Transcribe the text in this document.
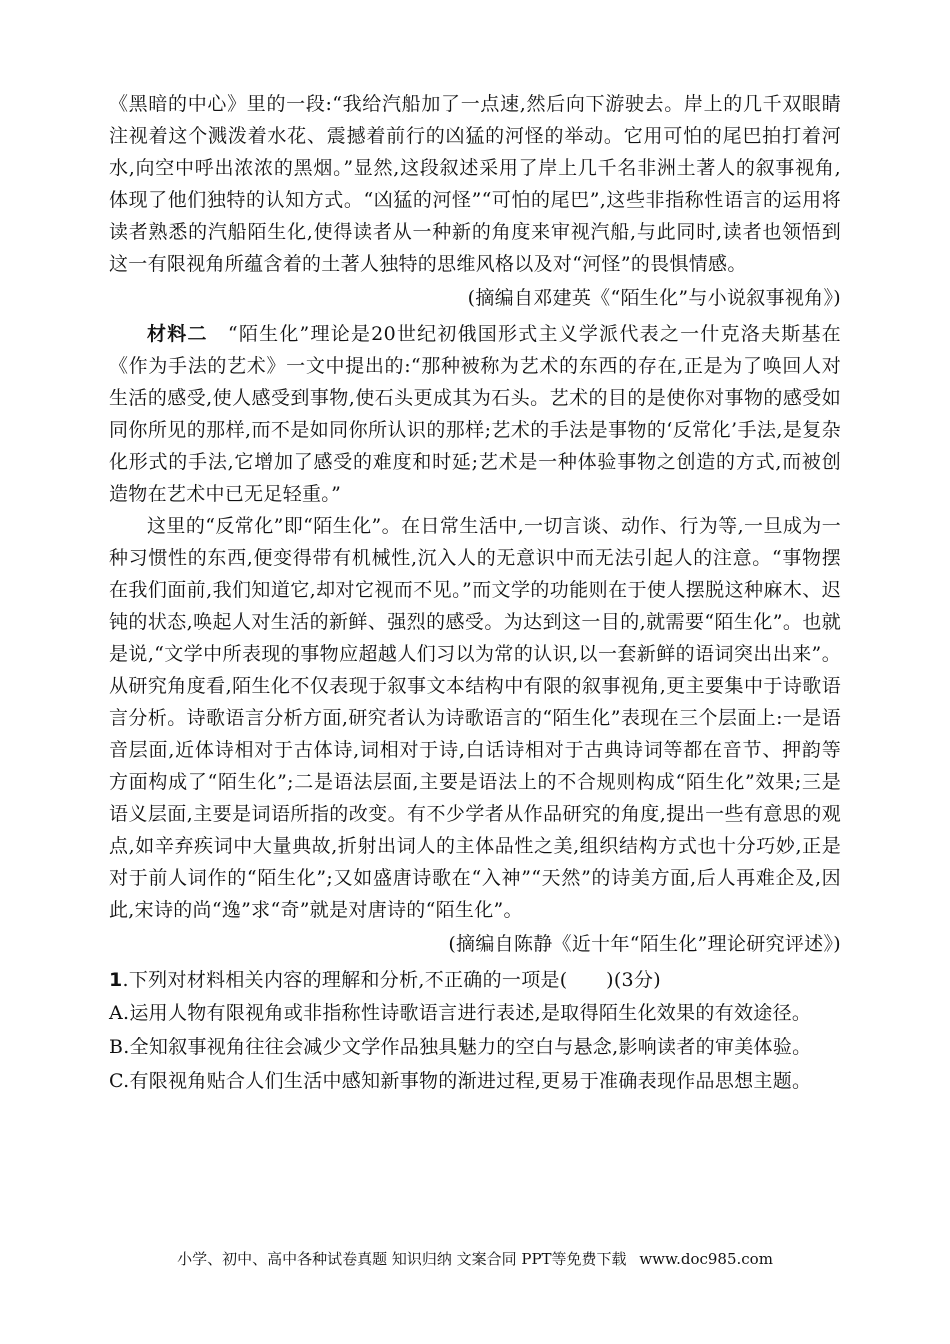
《黑暗的中心》里的一段:“我给汽船加了一点速,然后向下游驶去。岸上的几千双眼睛注视着这个溅泼着水花、震撼着前行的凶猛的河怪的举动。它用可怕的尾巴拍打着河水,向空中呼出浓浓的黑烟。”显然,这段叙述采用了岸上几千名非洲土著人的叙事视角,体现了他们独特的认知方式。“凶猛的河怪”“可怕的尾巴”,这些非指称性语言的运用将读者熟悉的汽船陌生化,使得读者从一种新的角度来审视汽船,与此同时,读者也领悟到这一有限视角所蕴含着的土著人独特的思维风格以及对“河怪”的畏惧情感。

(摘编自邓建英《“陌生化”与小说叙事视角》)

材料二　 “陌生化”理论是20世纪初俄国形式主义学派代表之一什克洛夫斯基在《作为手法的艺术》一文中提出的:“那种被称为艺术的东西的存在,正是为了唤回人对生活的感受,使人感受到事物,使石头更成其为石头。艺术的目的是使你对事物的感受如同你所见的那样,而不是如同你所认识的那样;艺术的手法是事物的‘反常化’手法,是复杂化形式的手法,它增加了感受的难度和时延;艺术是一种体验事物之创造的方式,而被创造物在艺术中已无足轻重。”

这里的“反常化”即“陌生化”。在日常生活中,一切言谈、动作、行为等,一旦成为一种习惯性的东西,便变得带有机械性,沉入人的无意识中而无法引起人的注意。“事物摆在我们面前,我们知道它,却对它视而不见。”而文学的功能则在于使人摆脱这种麻木、迟钝的状态,唤起人对生活的新鲜、强烈的感受。为达到这一目的,就需要“陌生化”。也就是说,“文学中所表现的事物应超越人们习以为常的认识,以一套新鲜的语词突出出来”。从研究角度看,陌生化不仅表现于叙事文本结构中有限的叙事视角,更主要集中于诗歌语言分析。诗歌语言分析方面,研究者认为诗歌语言的“陌生化”表现在三个层面上:一是语音层面,近体诗相对于古体诗,词相对于诗,白话诗相对于古典诗词等都在音节、押韵等方面构成了“陌生化”;二是语法层面,主要是语法上的不合规则构成“陌生化”效果;三是语义层面,主要是词语所指的改变。有不少学者从作品研究的角度,提出一些有意思的观点,如辛弃疾词中大量典故,折射出词人的主体品性之美,组织结构方式也十分巧妙,正是对于前人词作的“陌生化”;又如盛唐诗歌在“入神”“天然”的诗美方面,后人再难企及,因此,宋诗的尚“逸”求“奇”就是对唐诗的“陌生化”。

(摘编自陈静《近十年“陌生化”理论研究评述》)

1.下列对材料相关内容的理解和分析,不正确的一项是(　　)(3分)

A.运用人物有限视角或非指称性诗歌语言进行表述,是取得陌生化效果的有效途径。

B.全知叙事视角往往会减少文学作品独具魅力的空白与悬念,影响读者的审美体验。

C.有限视角贴合人们生活中感知新事物的渐进过程,更易于准确表现作品思想主题。

小学、初中、高中各种试卷真题 知识归纳 文案合同 PPT等免费下载 www.doc985.com
